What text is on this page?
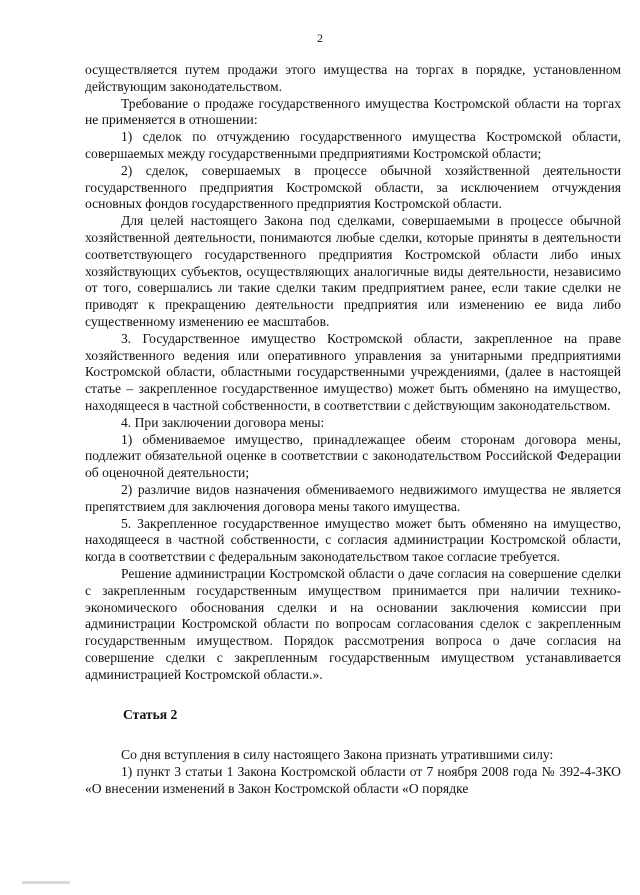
2

осуществляется путем продажи этого имущества на торгах в порядке, установленном действующим законодательством.

Требование о продаже государственного имущества Костромской области на торгах не применяется в отношении:

1) сделок по отчуждению государственного имущества Костромской области, совершаемых между государственными предприятиями Костромской области;

2) сделок, совершаемых в процессе обычной хозяйственной деятельности государственного предприятия Костромской области, за исключением отчуждения основных фондов государственного предприятия Костромской области.

Для целей настоящего Закона под сделками, совершаемыми в процессе обычной хозяйственной деятельности, понимаются любые сделки, которые приняты в деятельности соответствующего государственного предприятия Костромской области либо иных хозяйствующих субъектов, осуществляющих аналогичные виды деятельности, независимо от того, совершались ли такие сделки таким предприятием ранее, если такие сделки не приводят к прекращению деятельности предприятия или изменению ее вида либо существенному изменению ее масштабов.

3. Государственное имущество Костромской области, закрепленное на праве хозяйственного ведения или оперативного управления за унитарными предприятиями Костромской области, областными государственными учреждениями, (далее в настоящей статье – закрепленное государственное имущество) может быть обменяно на имущество, находящееся в частной собственности, в соответствии с действующим законодательством.

4. При заключении договора мены:

1) обмениваемое имущество, принадлежащее обеим сторонам договора мены, подлежит обязательной оценке в соответствии с законодательством Российской Федерации об оценочной деятельности;

2) различие видов назначения обмениваемого недвижимого имущества не является препятствием для заключения договора мены такого имущества.

5. Закрепленное государственное имущество может быть обменяно на имущество, находящееся в частной собственности, с согласия администрации Костромской области, когда в соответствии с федеральным законодательством такое согласие требуется.

Решение администрации Костромской области о даче согласия на совершение сделки с закрепленным государственным имуществом принимается при наличии технико-экономического обоснования сделки и на основании заключения комиссии при администрации Костромской области по вопросам согласования сделок с закрепленным государственным имуществом. Порядок рассмотрения вопроса о даче согласия на совершение сделки с закрепленным государственным имуществом устанавливается администрацией Костромской области.».

Статья 2

Со дня вступления в силу настоящего Закона признать утратившими силу:

1) пункт 3 статьи 1 Закона Костромской области от 7 ноября 2008 года № 392-4-ЗКО «О внесении изменений в Закон Костромской области «О порядке
